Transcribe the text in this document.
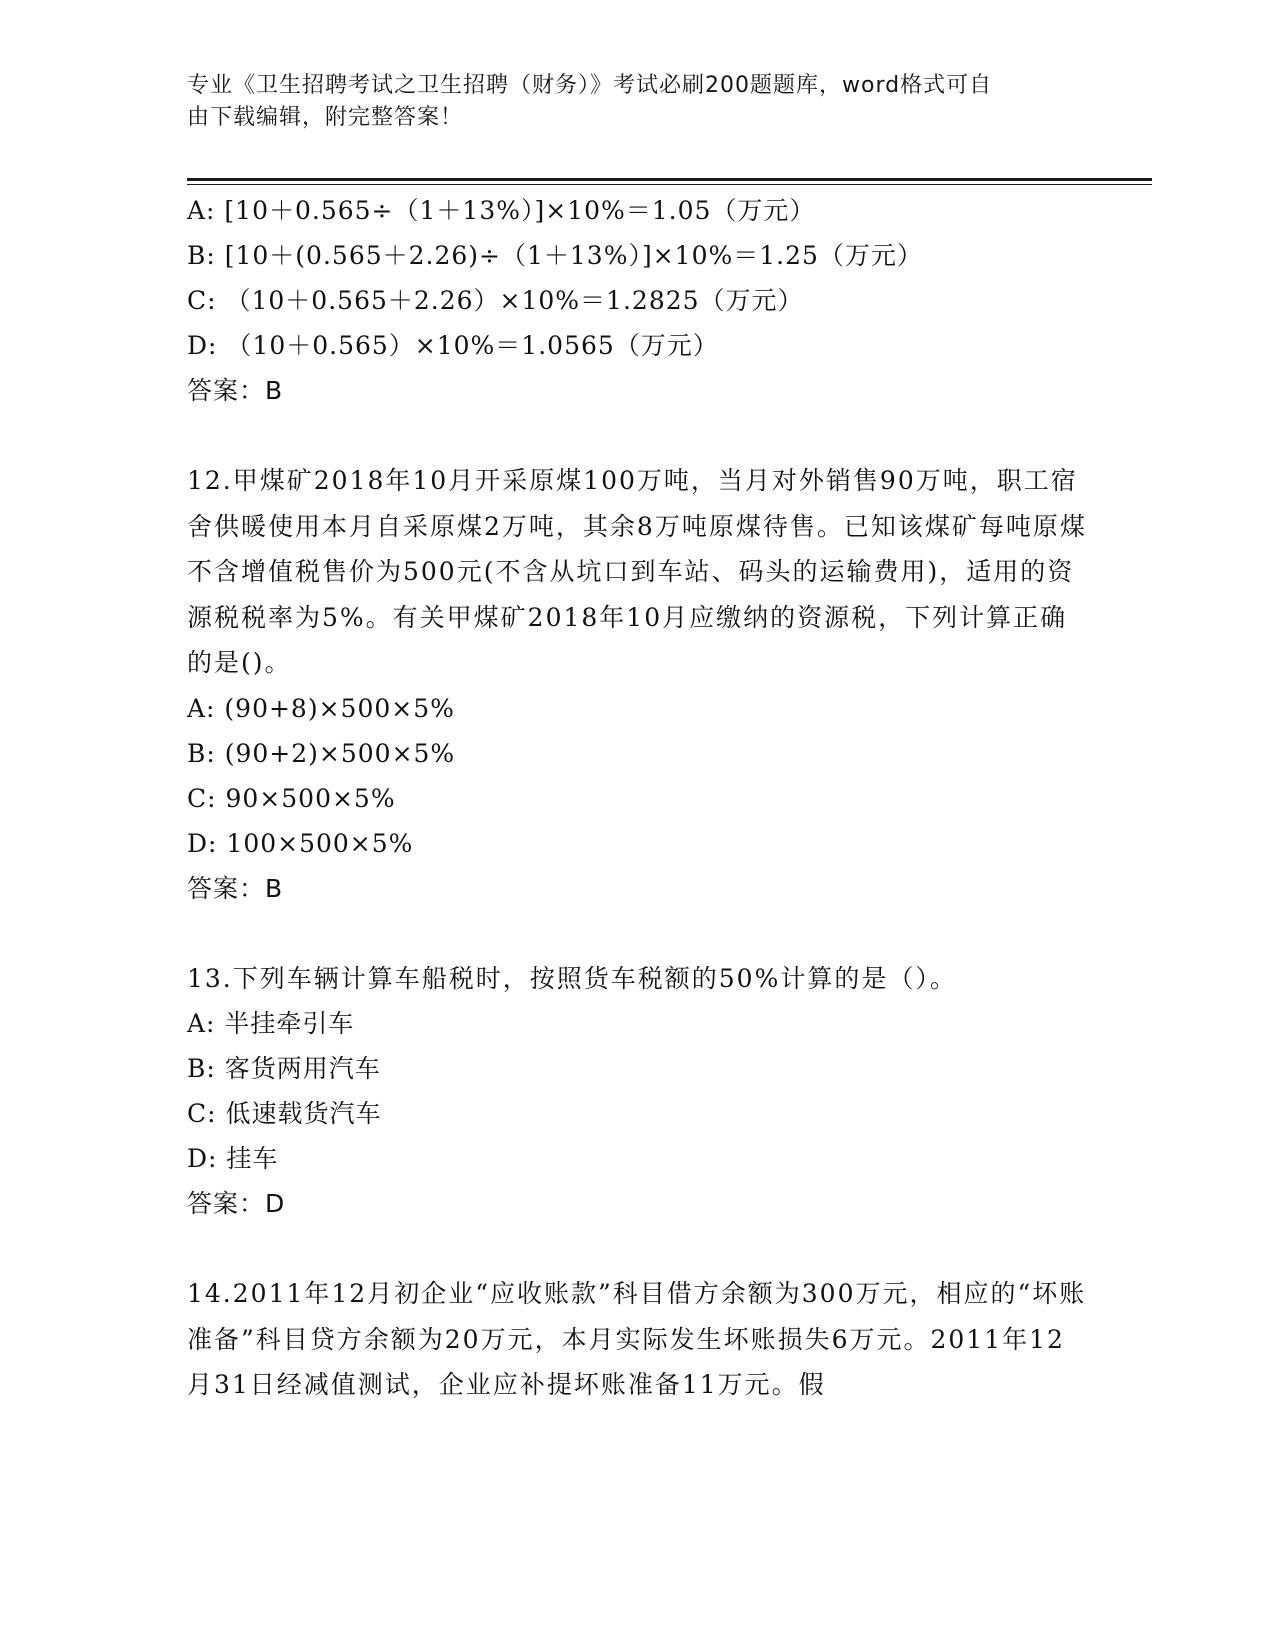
专业《卫生招聘考试之卫生招聘（财务）》考试必刷200题题库，word格式可自
由下载编辑，附完整答案！
A: [10＋0.565÷（1＋13%）]×10%＝1.05（万元）
B: [10＋(0.565＋2.26)÷（1＋13%）]×10%＝1.25（万元）
C: （10＋0.565＋2.26）×10%＝1.2825（万元）
D: （10＋0.565）×10%＝1.0565（万元）
答案：B
12.甲煤矿2018年10月开采原煤100万吨，当月对外销售90万吨，职工宿舍供暖使用本月自采原煤2万吨，其余8万吨原煤待售。已知该煤矿每吨原煤不含增值税售价为500元(不含从坑口到车站、码头的运输费用)，适用的资源税税率为5%。有关甲煤矿2018年10月应缴纳的资源税，下列计算正确的是()。
A: (90+8)×500×5%
B: (90+2)×500×5%
C: 90×500×5%
D: 100×500×5%
答案：B
13.下列车辆计算车船税时，按照货车税额的50%计算的是（）。
A: 半挂牵引车
B: 客货两用汽车
C: 低速载货汽车
D: 挂车
答案：D
14.2011年12月初企业“应收账款”科目借方余额为300万元，相应的“坏账准备”科目贷方余额为20万元，本月实际发生坏账损失6万元。2011年12月31日经减值测试，企业应补提坏账准备11万元。假
